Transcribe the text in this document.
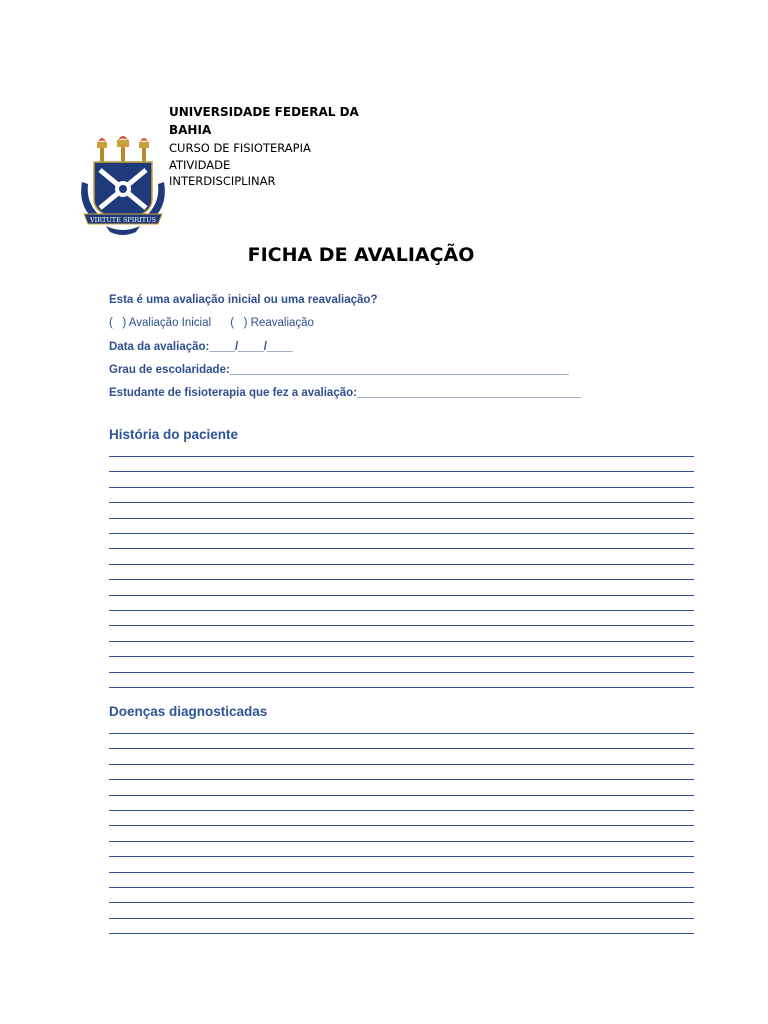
VIRTUTE SPIRITUS
UNIVERSIDADE FEDERAL DA BAHIA
CURSO DE FISIOTERAPIA
ATIVIDADE
INTERDISCIPLINAR
FICHA DE AVALIAÇÃO
Esta é uma avaliação inicial ou uma reavaliação?
(   ) Avaliação Inicial      (   ) Reavaliação
Data da avaliação:____/____/____
Grau de escolaridade:_____________________________________________________
Estudante de fisioterapia que fez a avaliação:___________________________________
História do paciente
Doenças diagnosticadas
